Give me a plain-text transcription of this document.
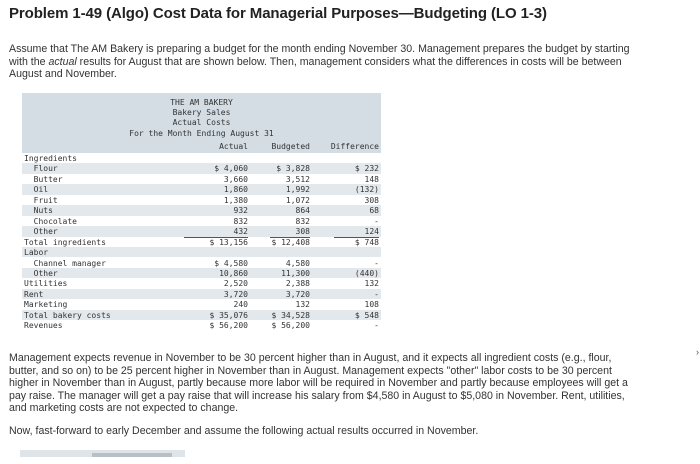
Problem 1-49 (Algo) Cost Data for Managerial Purposes—Budgeting (LO 1-3)
Assume that The AM Bakery is preparing a budget for the month ending November 30. Management prepares the budget by starting
with the actual results for August that are shown below. Then, management considers what the differences in costs will be between
August and November.
THE AM BAKERY
Bakery Sales
Actual Costs
For the Month Ending August 31
Actual	Budgeted	Difference
Ingredients
Flour	$ 4,060	$ 3,828	$ 232
Butter	3,660	3,512	148
Oil	1,860	1,992	(132)
Fruit	1,380	1,072	308
Nuts	932	864	68
Chocolate	832	832	-
Other	432	308	124
Total ingredients	$ 13,156	$ 12,408	$ 748
Labor
Channel manager	$ 4,580	4,580	-
Other	10,860	11,300	(440)
Utilities	2,520	2,388	132
Rent	3,720	3,720	-
Marketing	240	132	108
Total bakery costs	$ 35,076	$ 34,528	$ 548
Revenues	$ 56,200	$ 56,200	-
Management expects revenue in November to be 30 percent higher than in August, and it expects all ingredient costs (e.g., flour,
butter, and so on) to be 25 percent higher in November than in August. Management expects "other" labor costs to be 30 percent
higher in November than in August, partly because more labor will be required in November and partly because employees will get a
pay raise. The manager will get a pay raise that will increase his salary from $4,580 in August to $5,080 in November. Rent, utilities,
and marketing costs are not expected to change.
Now, fast-forward to early December and assume the following actual results occurred in November.
›
